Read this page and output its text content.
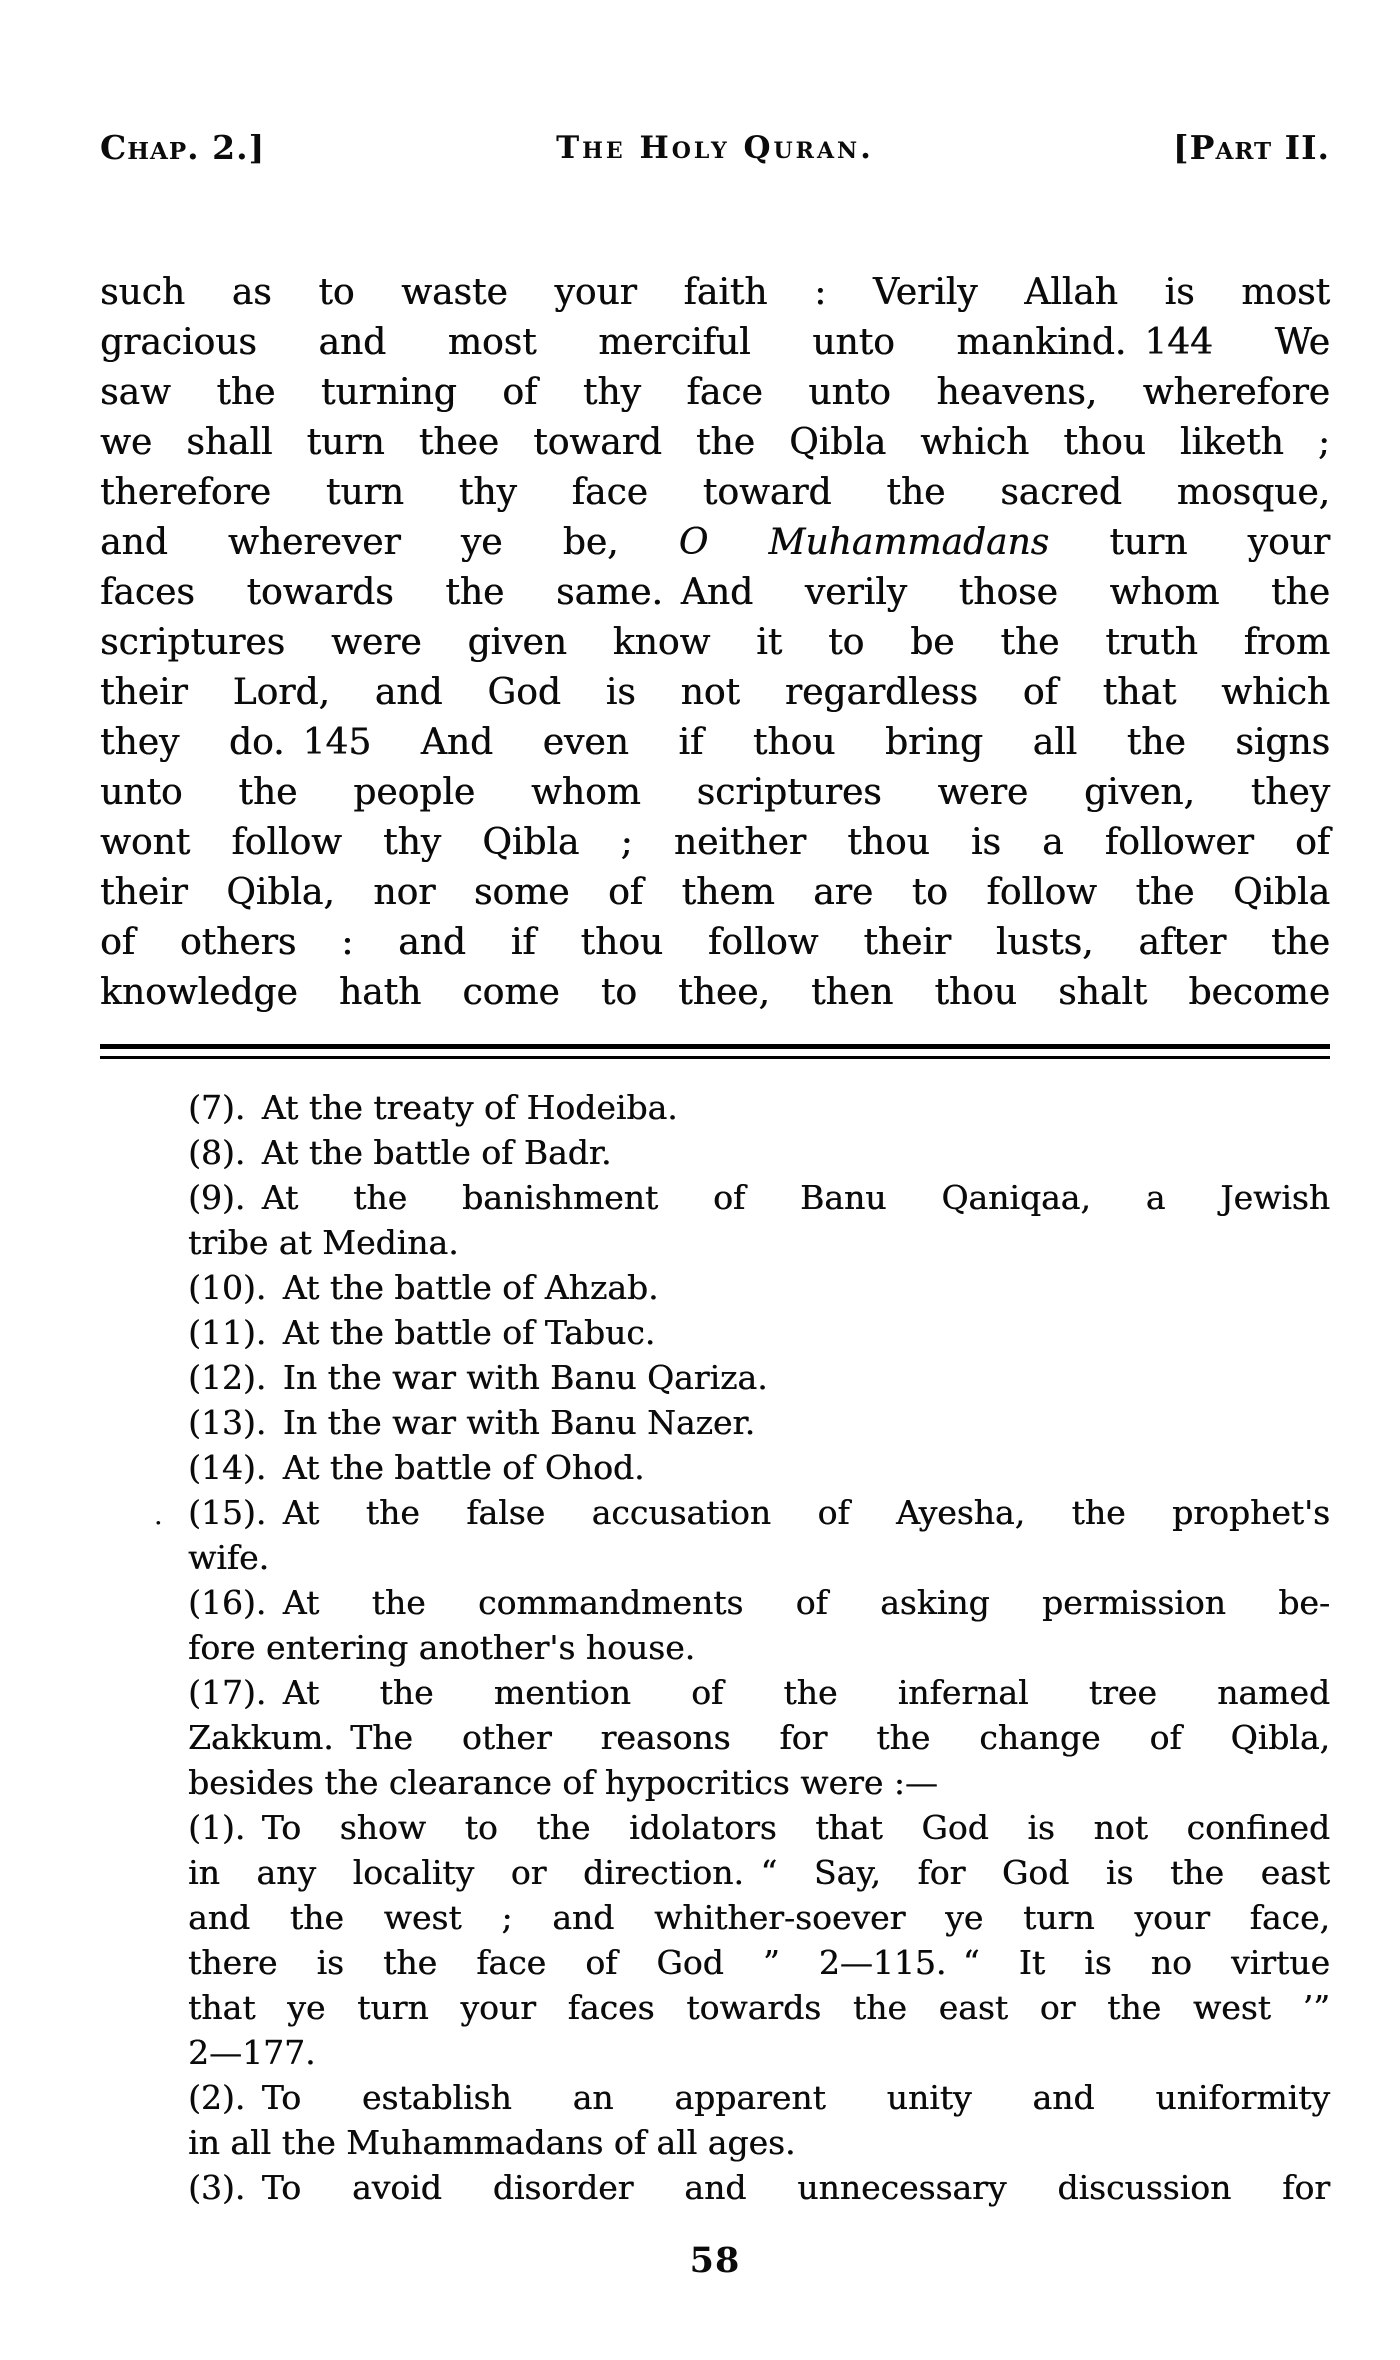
Chap. 2.]	The Holy Quran.	[Part II.
such as to waste your faith : Verily Allah is most
gracious and most merciful unto mankind. 144 We
saw the turning of thy face unto heavens, wherefore
we shall turn thee toward the Qibla which thou liketh ;
therefore turn thy face toward the sacred mosque,
and wherever ye be, O Muhammadans turn your
faces towards the same. And verily those whom the
scriptures were given know it to be the truth from
their Lord, and God is not regardless of that which
they do. 145 And even if thou bring all the signs
unto the people whom scriptures were given, they
wont follow thy Qibla ; neither thou is a follower of
their Qibla, nor some of them are to follow the Qibla
of others : and if thou follow their lusts, after the
knowledge hath come to thee, then thou shalt become
(7). At the treaty of Hodeiba.
(8). At the battle of Badr.
(9). At the banishment of Banu Qaniqaa, a Jewish
tribe at Medina.
(10). At the battle of Ahzab.
(11). At the battle of Tabuc.
(12). In the war with Banu Qariza.
(13). In the war with Banu Nazer.
(14). At the battle of Ohod.
. (15). At the false accusation of Ayesha, the prophet's
wife.
(16). At the commandments of asking permission be-
fore entering another's house.
(17). At the mention of the infernal tree named
Zakkum. The other reasons for the change of Qibla,
besides the clearance of hypocritics were :—
(1). To show to the idolators that God is not confined
in any locality or direction. “ Say, for God is the east
and the west ; and whither-soever ye turn your face,
there is the face of God ” 2—115. “ It is no virtue
that ye turn your faces towards the east or the west ’”
2—177.
(2). To establish an apparent unity and uniformity
in all the Muhammadans of all ages.
(3). To avoid disorder and unnecessary discussion for
58
